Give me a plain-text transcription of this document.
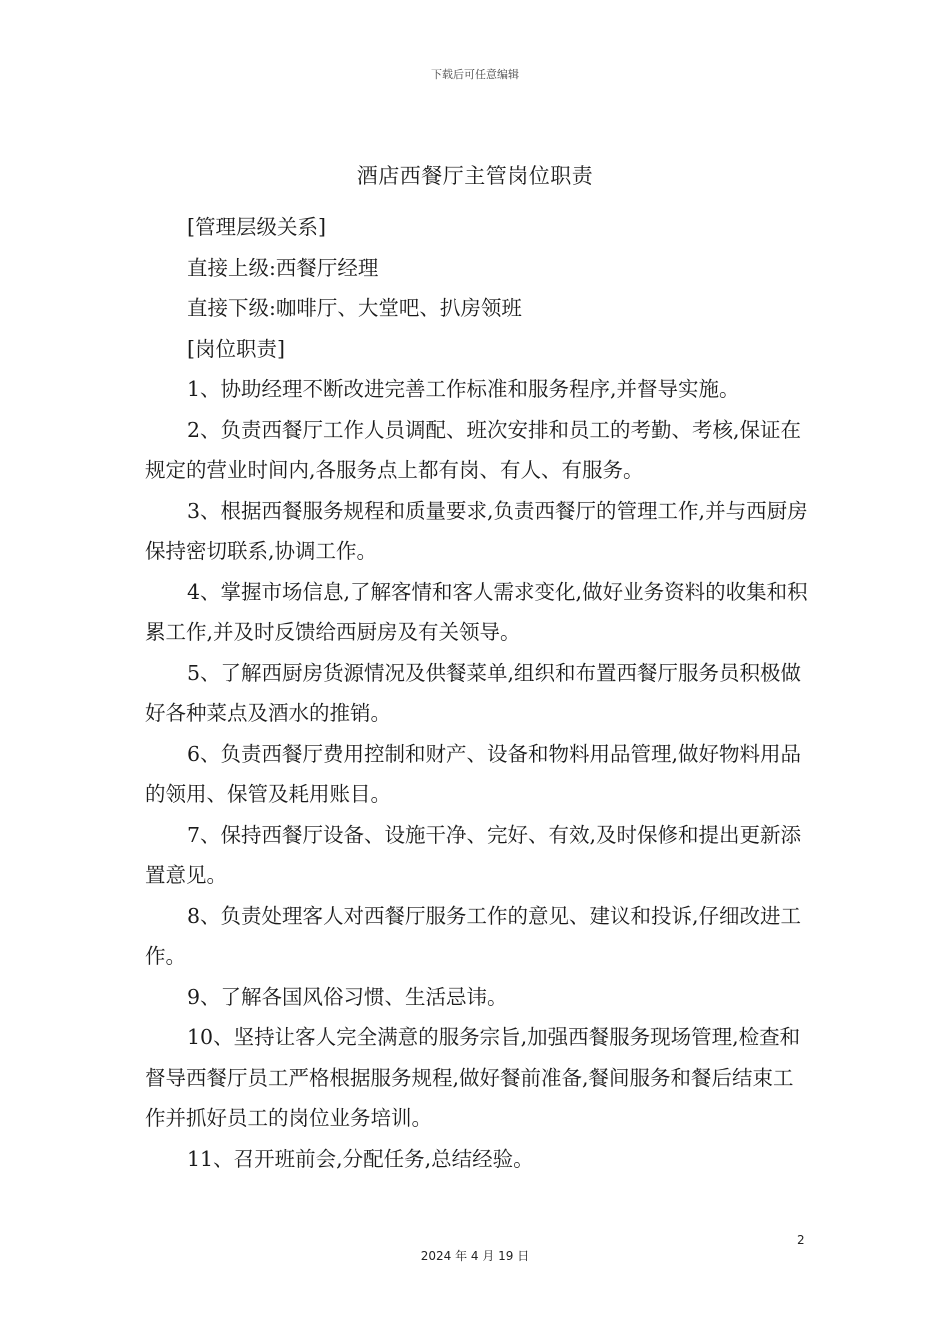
下载后可任意编辑
酒店西餐厅主管岗位职责

[管理层级关系]

直接上级:西餐厅经理

直接下级:咖啡厅、大堂吧、扒房领班

[岗位职责]

1、协助经理不断改进完善工作标准和服务程序,并督导实施。

2、负责西餐厅工作人员调配、班次安排和员工的考勤、考核,保证在规定的营业时间内,各服务点上都有岗、有人、有服务。

3、根据西餐服务规程和质量要求,负责西餐厅的管理工作,并与西厨房保持密切联系,协调工作。

4、掌握市场信息,了解客情和客人需求变化,做好业务资料的收集和积累工作,并及时反馈给西厨房及有关领导。

5、了解西厨房货源情况及供餐菜单,组织和布置西餐厅服务员积极做好各种菜点及酒水的推销。

6、负责西餐厅费用控制和财产、设备和物料用品管理,做好物料用品的领用、保管及耗用账目。

7、保持西餐厅设备、设施干净、完好、有效,及时保修和提出更新添置意见。

8、负责处理客人对西餐厅服务工作的意见、建议和投诉,仔细改进工作。

9、了解各国风俗习惯、生活忌讳。

10、坚持让客人完全满意的服务宗旨,加强西餐服务现场管理,检查和督导西餐厅员工严格根据服务规程,做好餐前准备,餐间服务和餐后结束工作并抓好员工的岗位业务培训。

11、召开班前会,分配任务,总结经验。

2
2024 年 4 月 19 日
